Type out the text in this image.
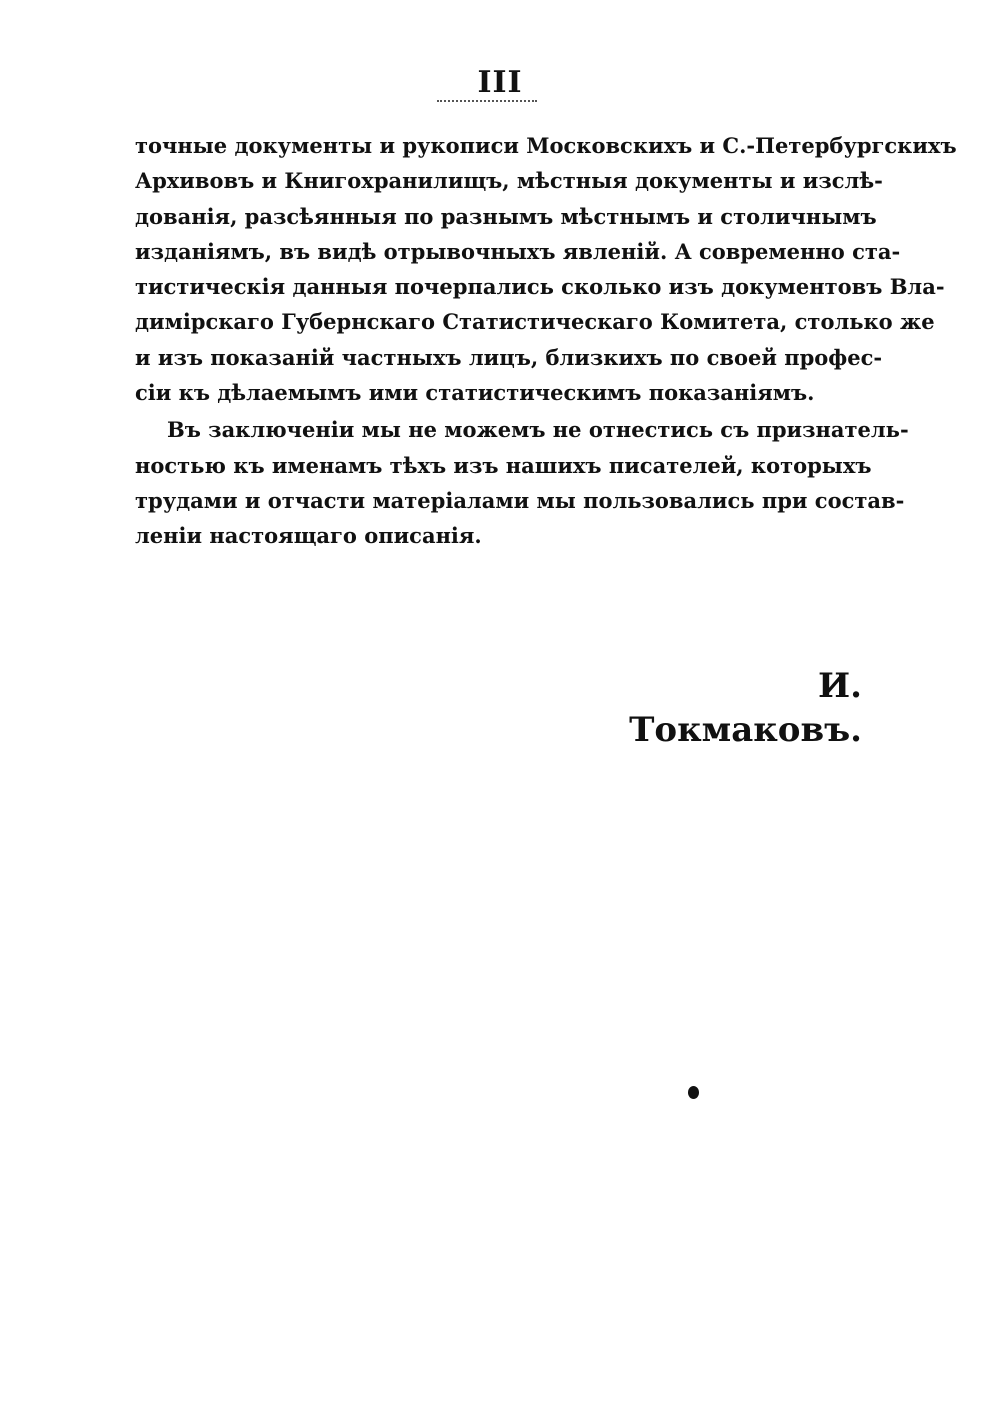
III
точные документы и рукописи Московскихъ и С.-Петербургскихъ
Архивовъ и Книгохранилищъ, мѣстныя документы и изслѣ-
дованія, разсѣянныя по разнымъ мѣстнымъ и столичнымъ
изданіямъ, въ видѣ отрывочныхъ явленій. А современно ста-
тистическія данныя почерпались сколько изъ документовъ Вла-
димірскаго Губернскаго Статистическаго Комитета, столько же
и изъ показаній частныхъ лицъ, близкихъ по своей профес-
сіи къ дѣлаемымъ ими статистическимъ показаніямъ.
Въ заключеніи мы не можемъ не отнестись съ признатель-
ностью къ именамъ тѣхъ изъ нашихъ писателей, которыхъ
трудами и отчасти матеріалами мы пользовались при состав-
леніи настоящаго описанія.
И. Токмаковъ.
